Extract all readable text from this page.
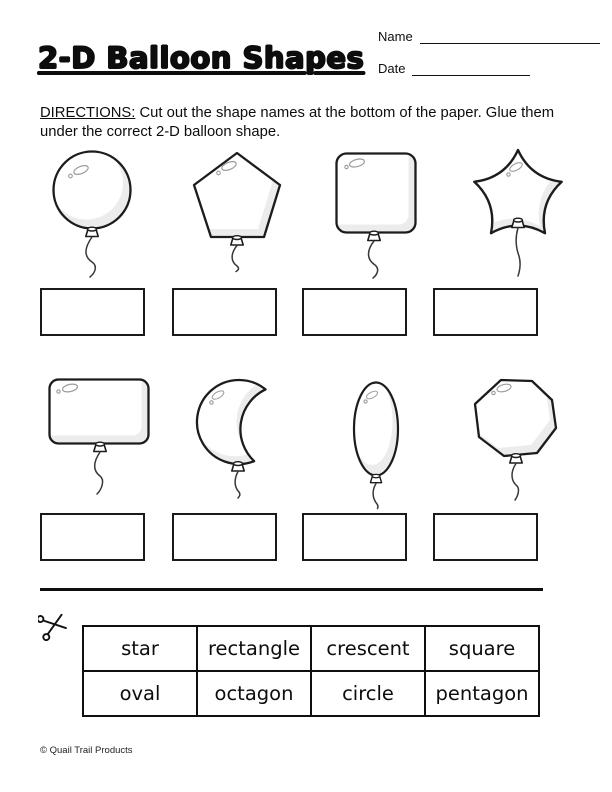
2-D Balloon Shapes
Name
Date

DIRECTIONS: Cut out the shape names at the bottom of the paper. Glue them under the correct 2-D balloon shape.

star	rectangle	crescent	square
oval	octagon	circle	pentagon
© Quail Trail Products
